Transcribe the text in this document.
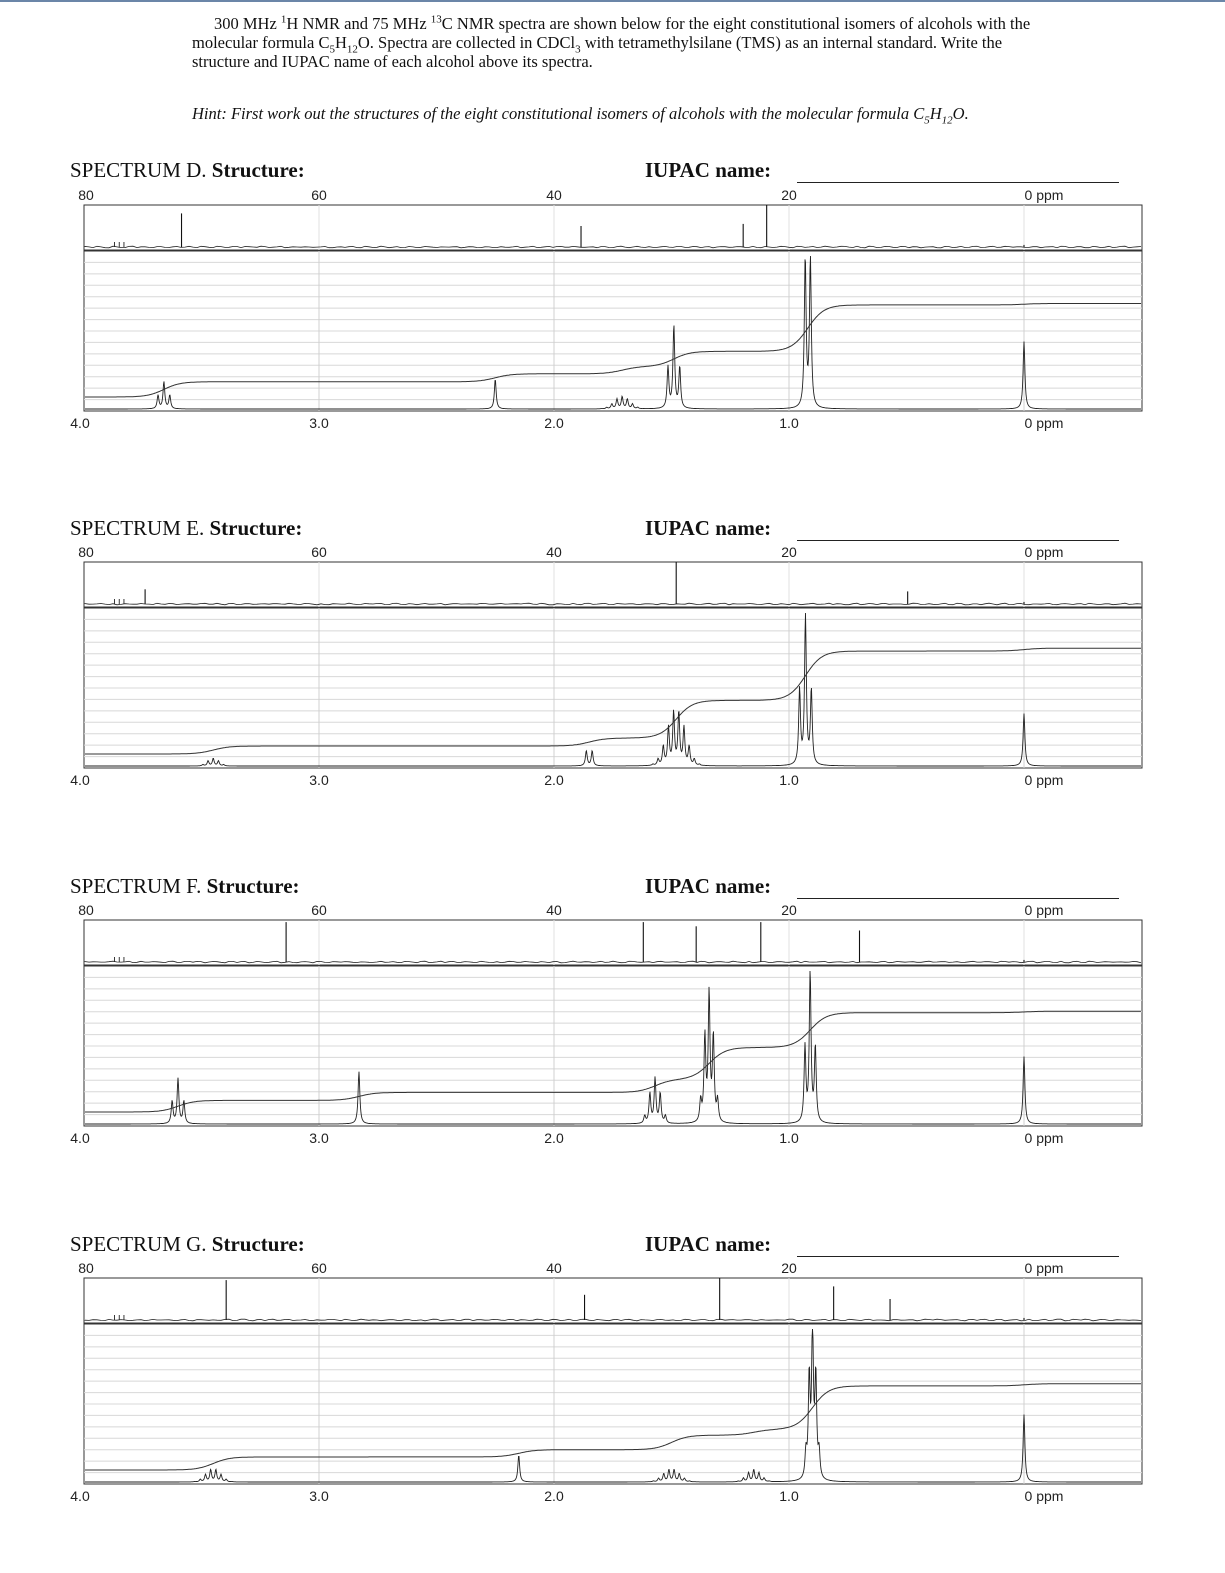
300 MHz $^1$H NMR and 75 MHz $^{13}$C NMR spectra are shown below for the eight constitutional isomers of alcohols with the molecular formula $C_5H_{12}O$. Spectra are collected in CDCl$_3$ with tetramethylsilane (TMS) as an internal standard. Write the structure and IUPAC name of each alcohol above its spectra.

Hint: First work out the structures of the eight constitutional isomers of alcohols with the molecular formula $C_5H_{12}O$.

SPECTRUM D. Structure:	IUPAC name:
80	60	40	20	0 ppm
4.0	3.0	2.0	1.0	0 ppm
SPECTRUM E. Structure:	IUPAC name:
80	60	40	20	0 ppm
4.0	3.0	2.0	1.0	0 ppm
SPECTRUM F. Structure:	IUPAC name:
80	60	40	20	0 ppm
4.0	3.0	2.0	1.0	0 ppm
SPECTRUM G. Structure:	IUPAC name:
80	60	40	20	0 ppm
4.0	3.0	2.0	1.0	0 ppm
